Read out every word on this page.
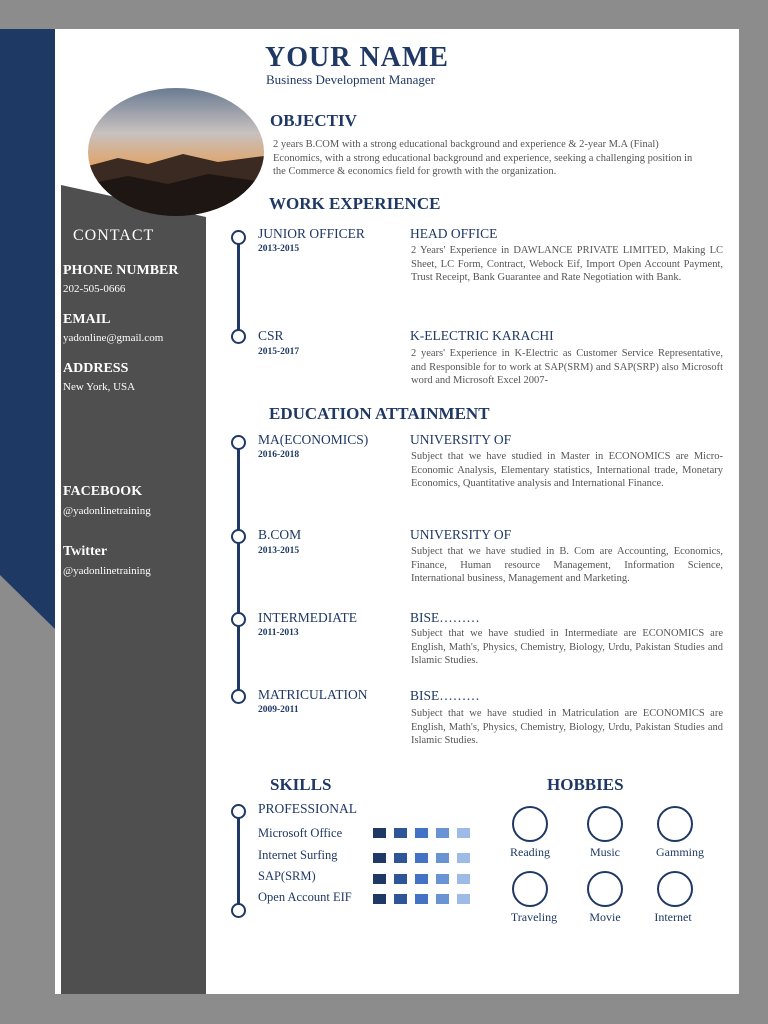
YOUR NAME
Business Development Manager
OBJECTIV
2 years B.COM with a strong educational background and experience & 2-year M.A (Final) Economics, with a strong educational background and experience, seeking a challenging position in the Commerce & economics field for growth with the organization.
CONTACT
PHONE NUMBER
202-505-0666
EMAIL
yadonline@gmail.com
ADDRESS
New York, USA
FACEBOOK
@yadonlinetraining
Twitter
@yadonlinetraining
WORK EXPERIENCE
JUNIOR OFFICER
2013-2015
HEAD OFFICE
2 Years' Experience in DAWLANCE PRIVATE LIMITED, Making LC Sheet, LC Form, Contract, Webock Eif, Import Open Account Payment, Trust Receipt, Bank Guarantee and Rate Negotiation with Bank.
CSR
2015-2017
K-ELECTRIC KARACHI
2 years' Experience in K-Electric as Customer Service Representative, and Responsible for to work at SAP(SRM) and SAP(SRP) also Microsoft word and Microsoft Excel 2007-
EDUCATION ATTAINMENT
MA(ECONOMICS)
2016-2018
UNIVERSITY OF
Subject that we have studied in Master in ECONOMICS are Micro-Economic Analysis, Elementary statistics, International trade, Monetary Economics, Quantitative analysis and International Finance.
B.COM
2013-2015
UNIVERSITY OF
Subject that we have studied in B. Com are Accounting, Economics, Finance, Human resource Management, Information Science, International business, Management and Marketing.
INTERMEDIATE
2011-2013
BISE………
Subject that we have studied in Intermediate are ECONOMICS are English, Math's, Physics, Chemistry, Biology, Urdu, Pakistan Studies and Islamic Studies.
MATRICULATION
2009-2011
BISE………
Subject that we have studied in Matriculation are ECONOMICS are English, Math's, Physics, Chemistry, Biology, Urdu, Pakistan Studies and Islamic Studies.
SKILLS
PROFESSIONAL
Microsoft Office
Internet Surfing
SAP(SRM)
Open Account EIF
HOBBIES
Reading	Music	Gamming
Traveling	Movie	Internet
